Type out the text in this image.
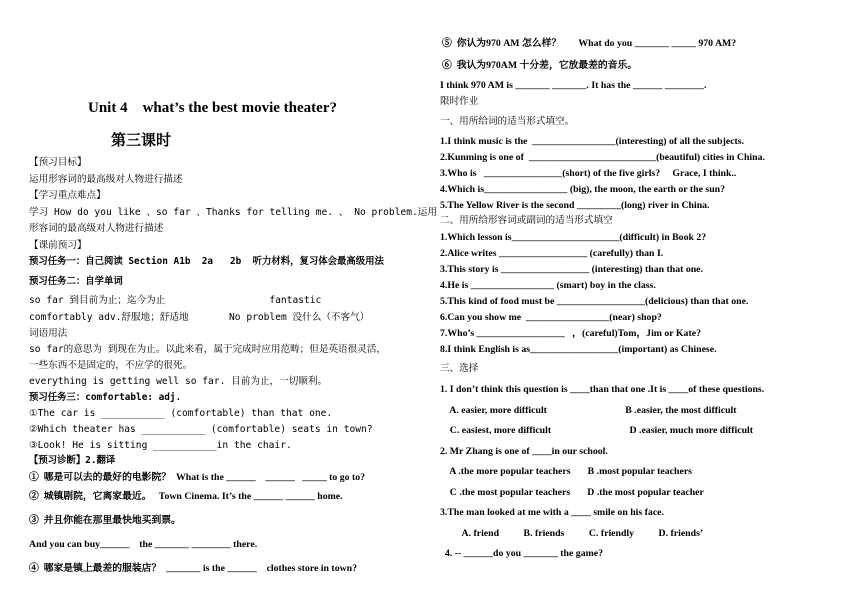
Unit 4    what’s the best movie theater?
第三课时
【预习目标】
运用形容词的最高级对人物进行描述
【学习重点难点】
学习 How do you like 、so far 、Thanks for telling me. 、 No problem.运用
形容词的最高级对人物进行描述
【课前预习】
预习任务一：自己阅读 Section A1b  2a   2b  听力材料，复习体会最高级用法
预习任务二：自学单词
so far 到目前为止；迄今为止                  fantastic
comfortably adv.舒服地；舒适地       No problem 没什么（不客气）
词语用法
so far的意思为 到现在为止。以此来看，属于完成时应用范畴；但是英语很灵活，
一些东西不是固定的，不应学的很死。
everything is getting well so far. 目前为止，一切顺利。
预习任务三：comfortable: adj.
①The car is ___________ (comfortable) than that one.
②Which theater has ___________ (comfortable) seats in town?
③Look! He is sitting ___________in the chair.
【预习诊断】2.翻译
①  哪是可以去的最好的电影院？  What is the ______    ______   _____ to go to?
②  城镇剧院，它离家最近。   Town Cinema. It’s the ______ ______ home.
③  并且你能在那里最快地买到票。
And you can buy______    the _______ ________ there.
④  哪家是镇上最差的服装店？  _______ is the ______    clothes store in town?
⑤  你认为970 AM 怎么样？       What do you _______ _____ 970 AM?
⑥  我认为970AM 十分差，它放最差的音乐。
I think 970 AM is _______ _______. It has the ______ ________.
限时作业
一、用所给词的适当形式填空。
1.I think music is the  _________________(interesting) of all the subjects.
2.Kunming is one of  __________________________(beautiful) cities in China.
3.Who is   ________________(short) of the five girls?     Grace, I think..
4.Which is_________________ (big), the moon, the earth or the sun?
5.The Yellow River is the second _________(long) river in China.
二、用所给形容词或副词的适当形式填空
1.Which lesson is______________________(difficult) in Book 2?
2.Alice writes __________________ (carefully) than I.
3.This story is __________________ (interesting) than that one.
4.He is _________________ (smart) boy in the class.
5.This kind of food must be __________________(delicious) than that one.
6.Can you show me  _________________(near) shop?
7.Who’s __________________   ，(careful)Tom，Jim or Kate?
8.I think English is as__________________(important) as Chinese.
三、选择
1. I don’t think this question is ____than that one .It is ____of these questions.
A. easier, more difficult                                B .easier, the most difficult
C. easiest, more difficult                                D .easier, much more difficult
2. Mr Zhang is one of ____in our school.
A .the more popular teachers       B .most popular teachers
C .the most popular teachers       D .the most popular teacher
3.The man looked at me with a ____ smile on his face.
A. friend          B. friends          C. friendly          D. friends’
4. -- ______do you _______ the game?
